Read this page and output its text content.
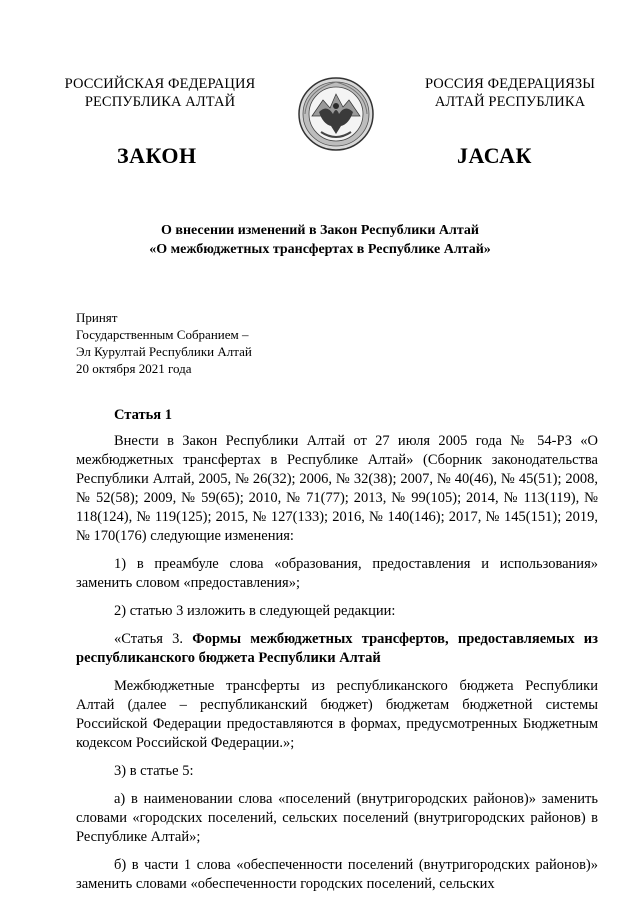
РОССИЙСКАЯ ФЕДЕРАЦИЯ
РЕСПУБЛИКА АЛТАЙ
РОССИЯ ФЕДЕРАЦИЯЗЫ
АЛТАЙ РЕСПУБЛИКА
ЗАКОН	ЈАСАК
О внесении изменений в Закон Республики Алтай
«О межбюджетных трансфертах в Республике Алтай»
Принят
Государственным Собранием –
Эл Курултай Республики Алтай
20 октября 2021 года

Статья 1

Внести в Закон Республики Алтай от 27 июля 2005 года № 54-РЗ «О межбюджетных трансфертах в Республике Алтай» (Сборник законодательства Республики Алтай, 2005, № 26(32); 2006, № 32(38); 2007, № 40(46), № 45(51); 2008, № 52(58); 2009, № 59(65); 2010, № 71(77); 2013, № 99(105); 2014, № 113(119), № 118(124), № 119(125); 2015, № 127(133); 2016, № 140(146); 2017, № 145(151); 2019, № 170(176) следующие изменения:

1) в преамбуле слова «образования, предоставления и использования» заменить словом «предоставления»;

2) статью 3 изложить в следующей редакции:

«Статья 3. Формы межбюджетных трансфертов, предоставляемых из республиканского бюджета Республики Алтай

Межбюджетные трансферты из республиканского бюджета Республики Алтай (далее – республиканский бюджет) бюджетам бюджетной системы Российской Федерации предоставляются в формах, предусмотренных Бюджетным кодексом Российской Федерации.»;

3) в статье 5:

а) в наименовании слова «поселений (внутригородских районов)» заменить словами «городских поселений, сельских поселений (внутригородских районов) в Республике Алтай»;

б) в части 1 слова «обеспеченности поселений (внутригородских районов)» заменить словами «обеспеченности городских поселений, сельских
